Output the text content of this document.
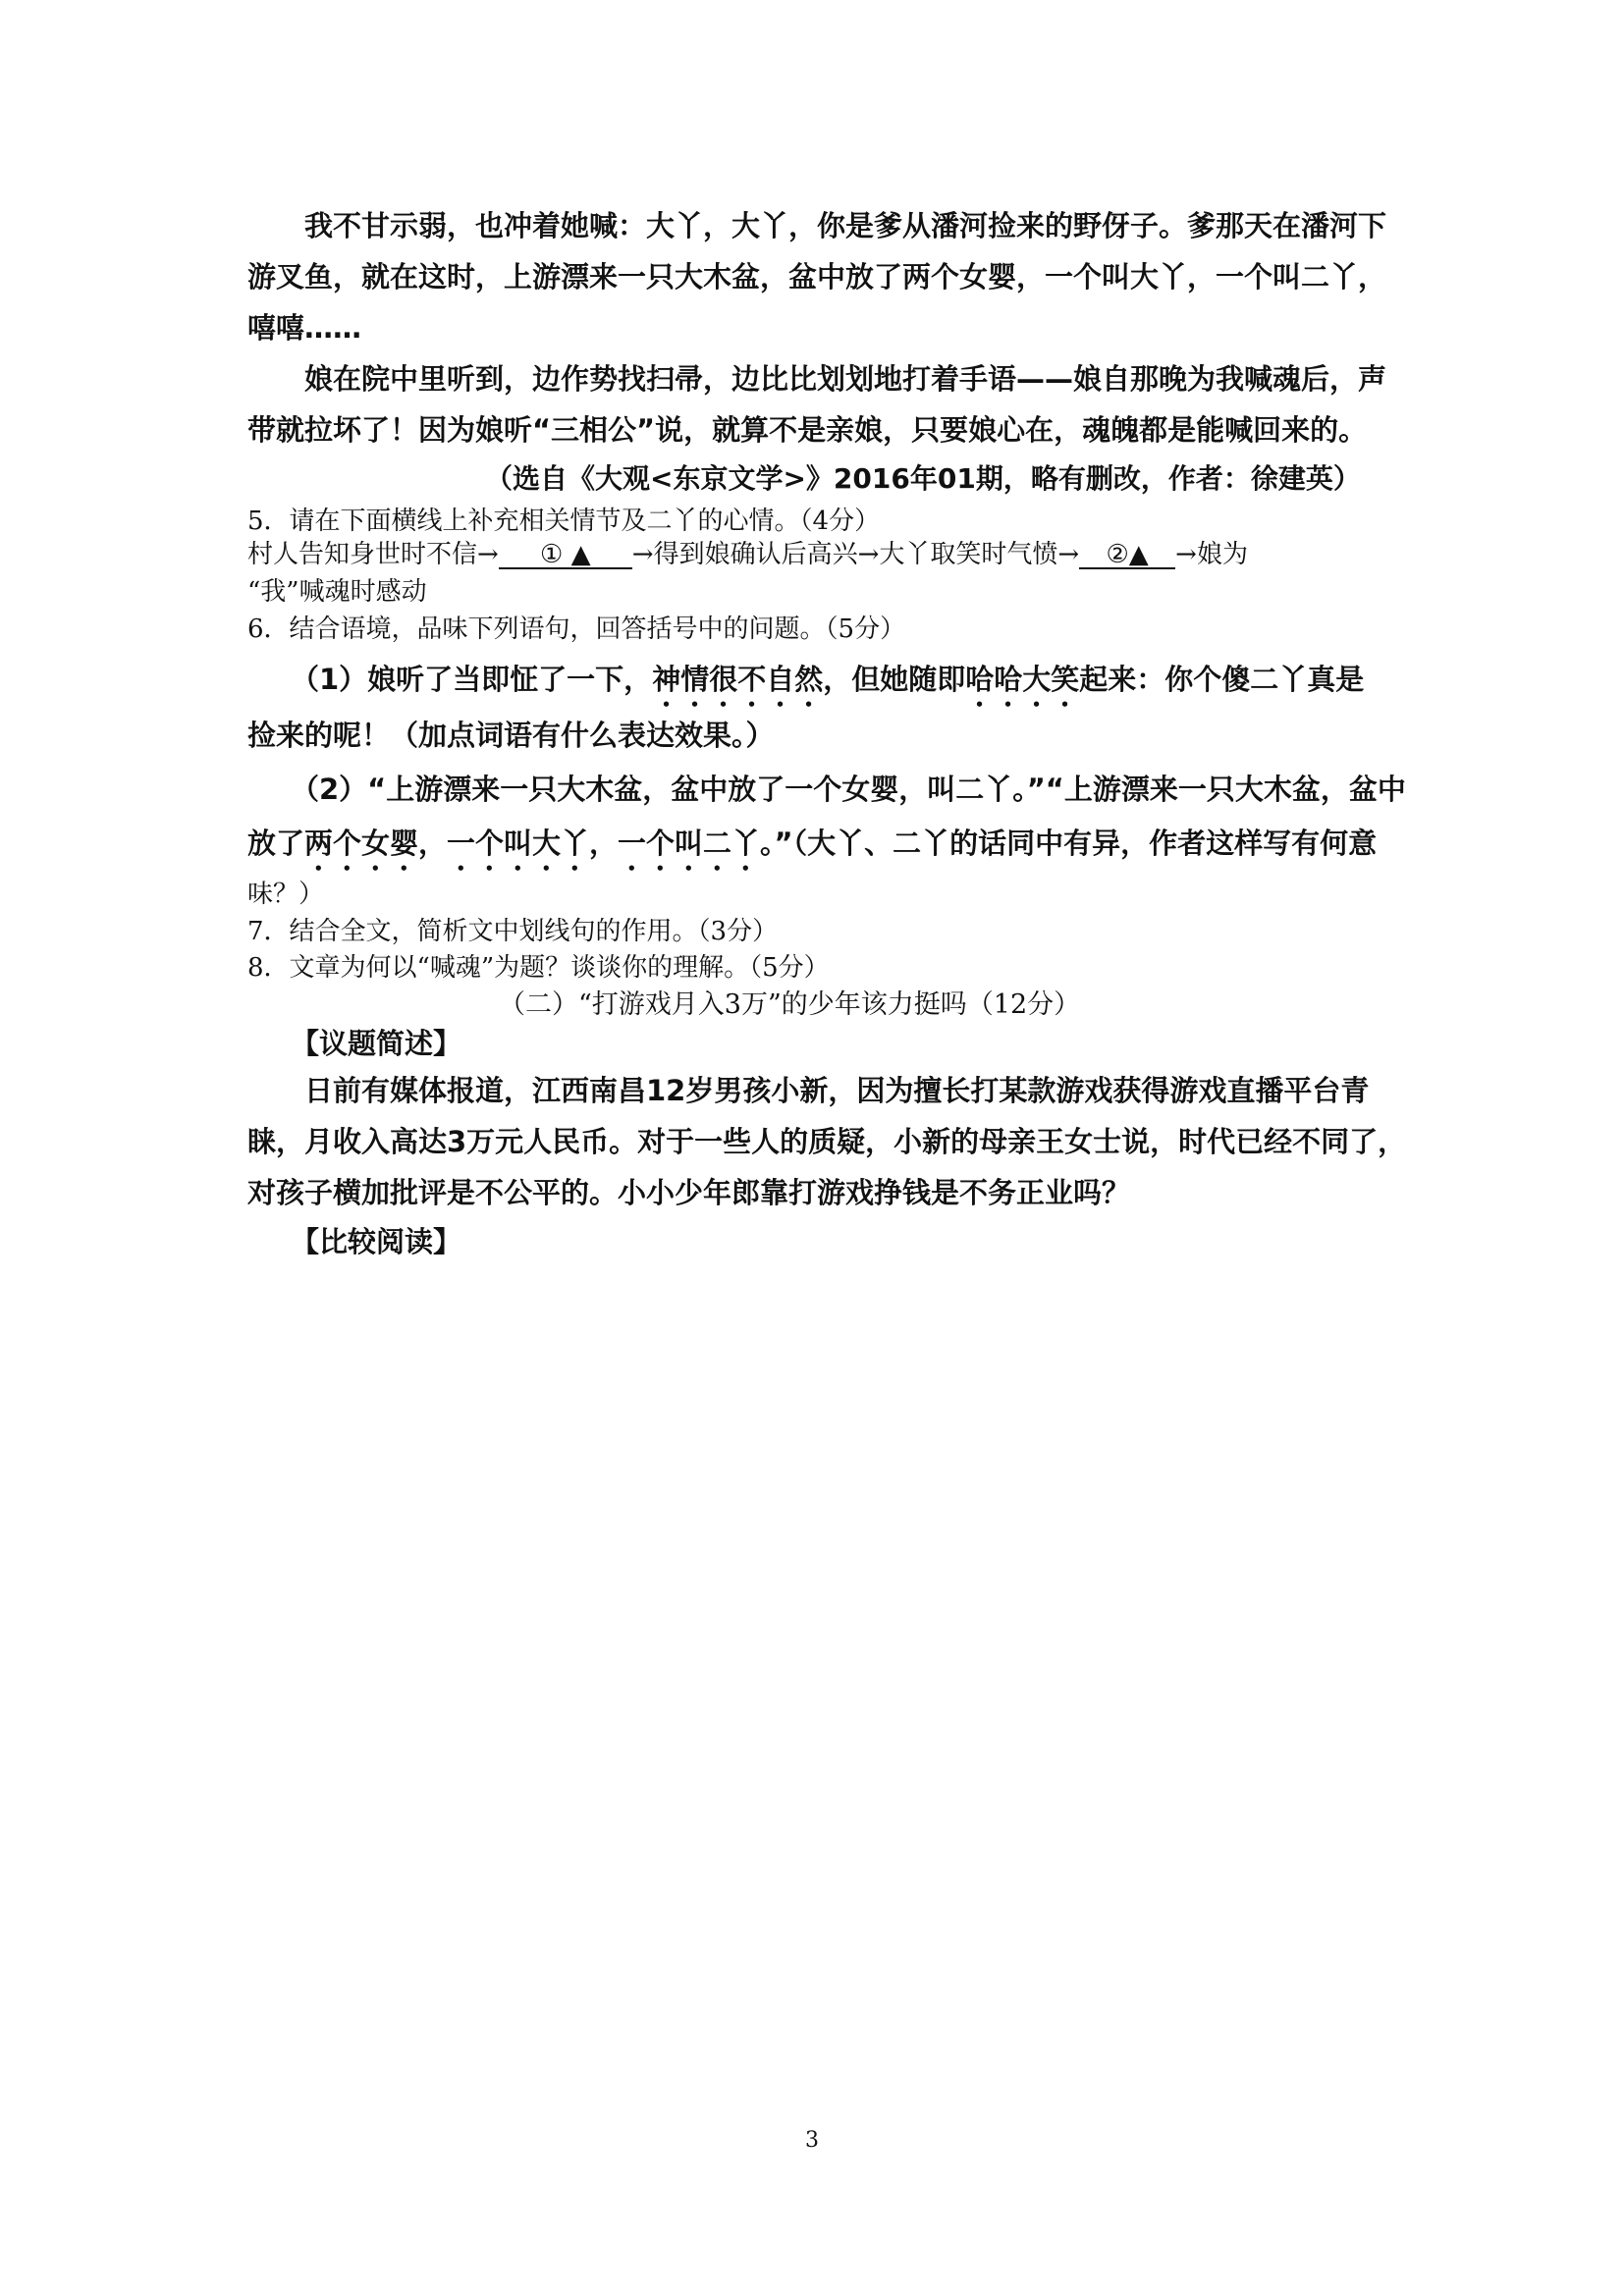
我不甘示弱，也冲着她喊：大丫，大丫，你是爹从潘河捡来的野伢子。爹那天在潘河下
游叉鱼，就在这时，上游漂来一只大木盆，盆中放了两个女婴，一个叫大丫，一个叫二丫，
嘻嘻……
娘在院中里听到，边作势找扫帚，边比比划划地打着手语——娘自那晚为我喊魂后，声
带就拉坏了！因为娘听“三相公”说，就算不是亲娘，只要娘心在，魂魄都是能喊回来的。
（选自《大观<东京文学>》2016年01期，略有删改，作者：徐建英）
5．请在下面横线上补充相关情节及二丫的心情。（4分）
村人告知身世时不信→ ① ▲ →得到娘确认后高兴→大丫取笑时气愤→ ②▲ →娘为
“我”喊魂时感动
6．结合语境，品味下列语句，回答括号中的问题。（5分）
（1）娘听了当即怔了一下，神情很不自然，但她随即哈哈大笑起来：你个傻二丫真是
捡来的呢！（加点词语有什么表达效果。）
（2）“上游漂来一只大木盆，盆中放了一个女婴，叫二丫。”“上游漂来一只大木盆，盆中
放了两个女婴，一个叫大丫，一个叫二丫。”（大丫、二丫的话同中有异，作者这样写有何意
味？）
7．结合全文，简析文中划线句的作用。（3分）
8．文章为何以“喊魂”为题？谈谈你的理解。（5分）
（二）“打游戏月入3万”的少年该力挺吗（12分）
【议题简述】
日前有媒体报道，江西南昌12岁男孩小新，因为擅长打某款游戏获得游戏直播平台青
睐，月收入高达3万元人民币。对于一些人的质疑，小新的母亲王女士说，时代已经不同了，
对孩子横加批评是不公平的。小小少年郎靠打游戏挣钱是不务正业吗？
【比较阅读】
3
